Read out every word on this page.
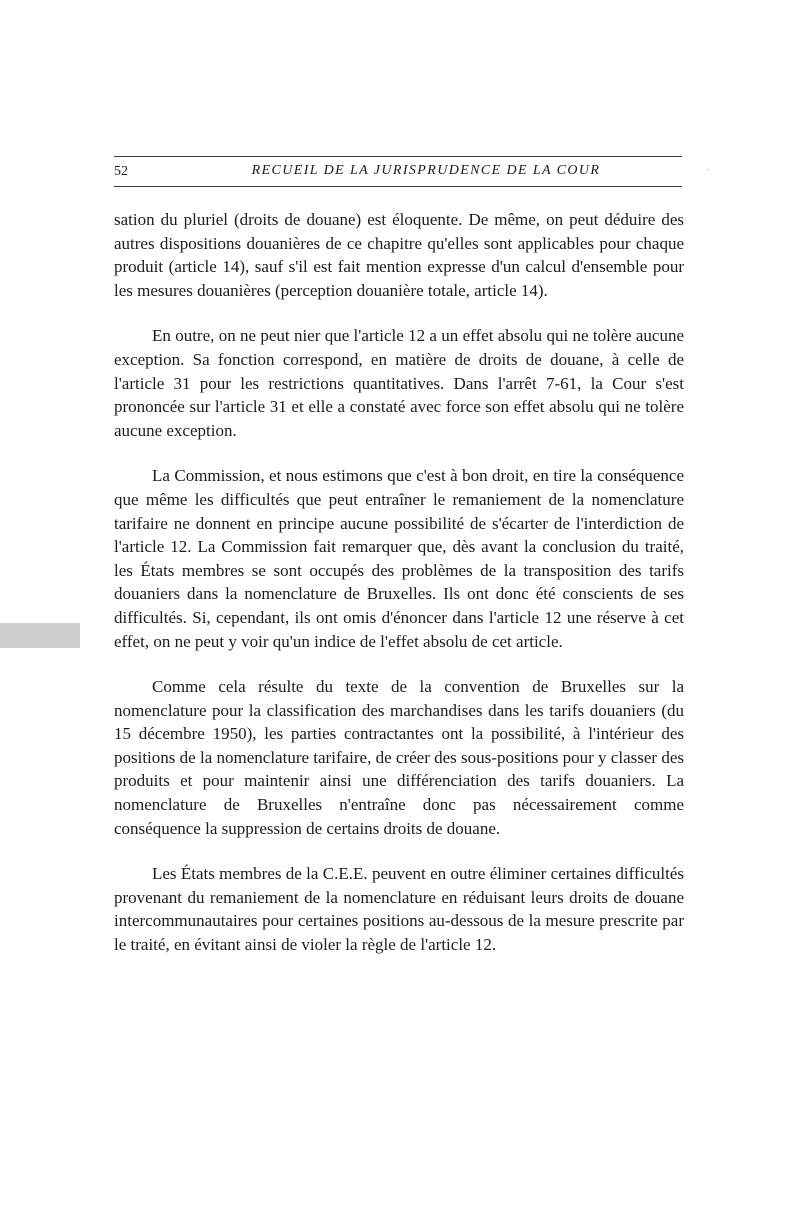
52	RECUEIL DE LA JURISPRUDENCE DE LA COUR	·

sation du pluriel (droits de douane) est éloquente. De même, on peut déduire des autres dispositions douanières de ce chapitre qu'elles sont applicables pour chaque produit (article 14), sauf s'il est fait mention expresse d'un calcul d'ensemble pour les mesures douanières (perception douanière totale, article 14).

En outre, on ne peut nier que l'article 12 a un effet absolu qui ne tolère aucune exception. Sa fonction correspond, en matière de droits de douane, à celle de l'article 31 pour les restrictions quantitatives. Dans l'arrêt 7-61, la Cour s'est prononcée sur l'article 31 et elle a constaté avec force son effet absolu qui ne tolère aucune exception.

La Commission, et nous estimons que c'est à bon droit, en tire la conséquence que même les difficultés que peut entraîner le remaniement de la nomenclature tarifaire ne donnent en principe aucune possibilité de s'écarter de l'interdiction de l'article 12. La Commission fait remarquer que, dès avant la conclusion du traité, les États membres se sont occupés des problèmes de la transposition des tarifs douaniers dans la nomenclature de Bruxelles. Ils ont donc été conscients de ses difficultés. Si, cependant, ils ont omis d'énoncer dans l'article 12 une réserve à cet effet, on ne peut y voir qu'un indice de l'effet absolu de cet article.

Comme cela résulte du texte de la convention de Bruxelles sur la nomenclature pour la classification des marchandises dans les tarifs douaniers (du 15 décembre 1950), les parties contractantes ont la possibilité, à l'intérieur des positions de la nomenclature tarifaire, de créer des sous-positions pour y classer des produits et pour maintenir ainsi une différenciation des tarifs douaniers. La nomenclature de Bruxelles n'entraîne donc pas nécessairement comme conséquence la suppression de certains droits de douane.

Les États membres de la C.E.E. peuvent en outre éliminer certaines difficultés provenant du remaniement de la nomenclature en réduisant leurs droits de douane intercommunautaires pour certaines positions au-dessous de la mesure prescrite par le traité, en évitant ainsi de violer la règle de l'article 12.
